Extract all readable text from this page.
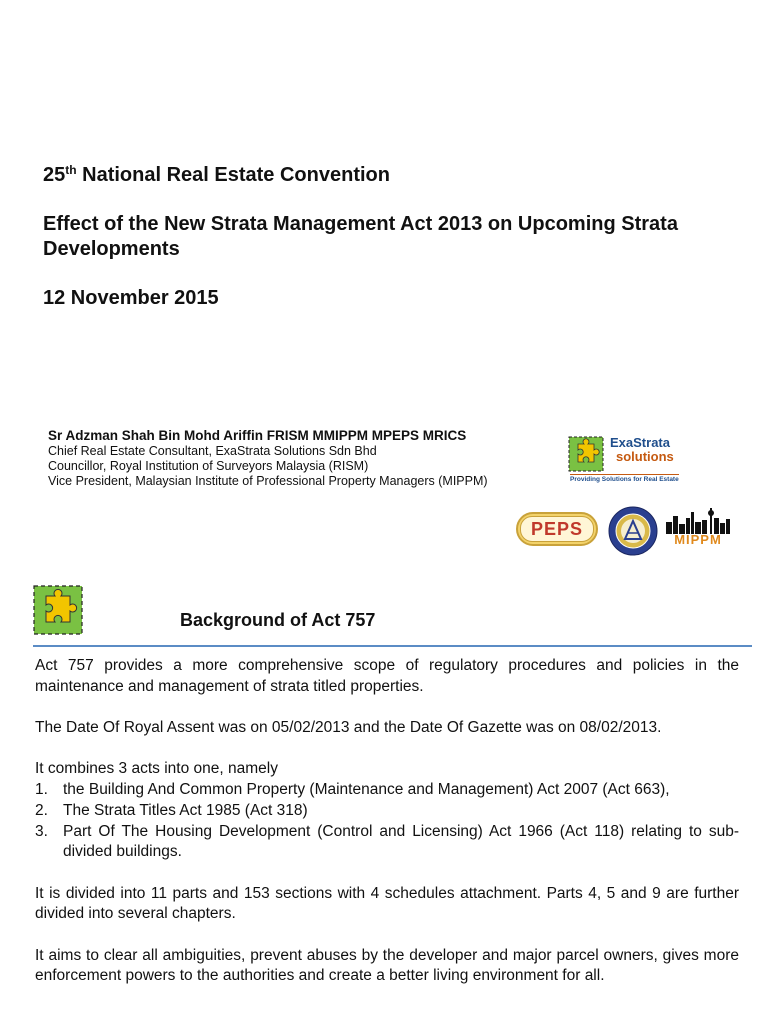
25th National Real Estate Convention

Effect of the New Strata Management Act 2013 on Upcoming Strata Developments

12 November 2015

Sr Adzman Shah Bin Mohd Ariffin FRISM MMIPPM MPEPS MRICS
Chief Real Estate Consultant, ExaStrata Solutions Sdn Bhd
Councillor, Royal Institution of Surveyors Malaysia (RISM)
Vice President, Malaysian Institute of Professional Property Managers (MIPPM)
ExaStrata
solutions
Providing Solutions for Real Estate
PEPS
MIPPM
Background of Act 757

Act 757 provides a more comprehensive scope of regulatory procedures and policies in the maintenance and management of strata titled properties.

The Date Of Royal Assent was on 05/02/2013 and the Date Of Gazette was on 08/02/2013.

It combines 3 acts into one, namely

1. the Building And Common Property (Maintenance and Management) Act 2007 (Act 663),
2. The Strata Titles Act 1985 (Act 318)
3. Part Of The Housing Development (Control and Licensing) Act 1966 (Act 118) relating to sub-divided buildings.

It is divided into 11 parts and 153 sections with 4 schedules attachment. Parts 4, 5 and 9 are further divided into several chapters.

It aims to clear all ambiguities, prevent abuses by the developer and major parcel owners, gives more enforcement powers to the authorities and create a better living environment for all.
